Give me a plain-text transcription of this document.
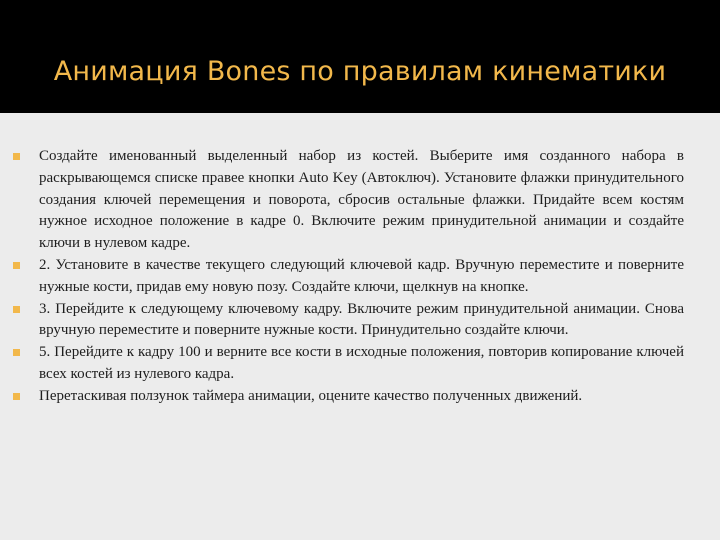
Анимация Bones по правилам кинематики
Создайте именованный выделенный набор из костей. Выберите имя созданного набора в раскрывающемся списке правее кнопки Auto Key (Автоключ). Установите флажки принудительного создания ключей перемещения и поворота, сбросив остальные флажки. Придайте всем костям нужное исходное положение в кадре 0. Включите режим принудительной анимации и создайте ключи в нулевом кадре.
2. Установите в качестве текущего следующий ключевой кадр. Вручную переместите и поверните нужные кости, придав ему новую позу. Создайте ключи, щелкнув на кнопке.
3. Перейдите к следующему ключевому кадру. Включите режим принудительной анимации. Снова вручную переместите и поверните нужные кости. Принудительно создайте ключи.
5. Перейдите к кадру 100 и верните все кости в исходные положения, повторив копирование ключей всех костей из нулевого кадра.
Перетаскивая ползунок таймера анимации, оцените качество полученных движений.
